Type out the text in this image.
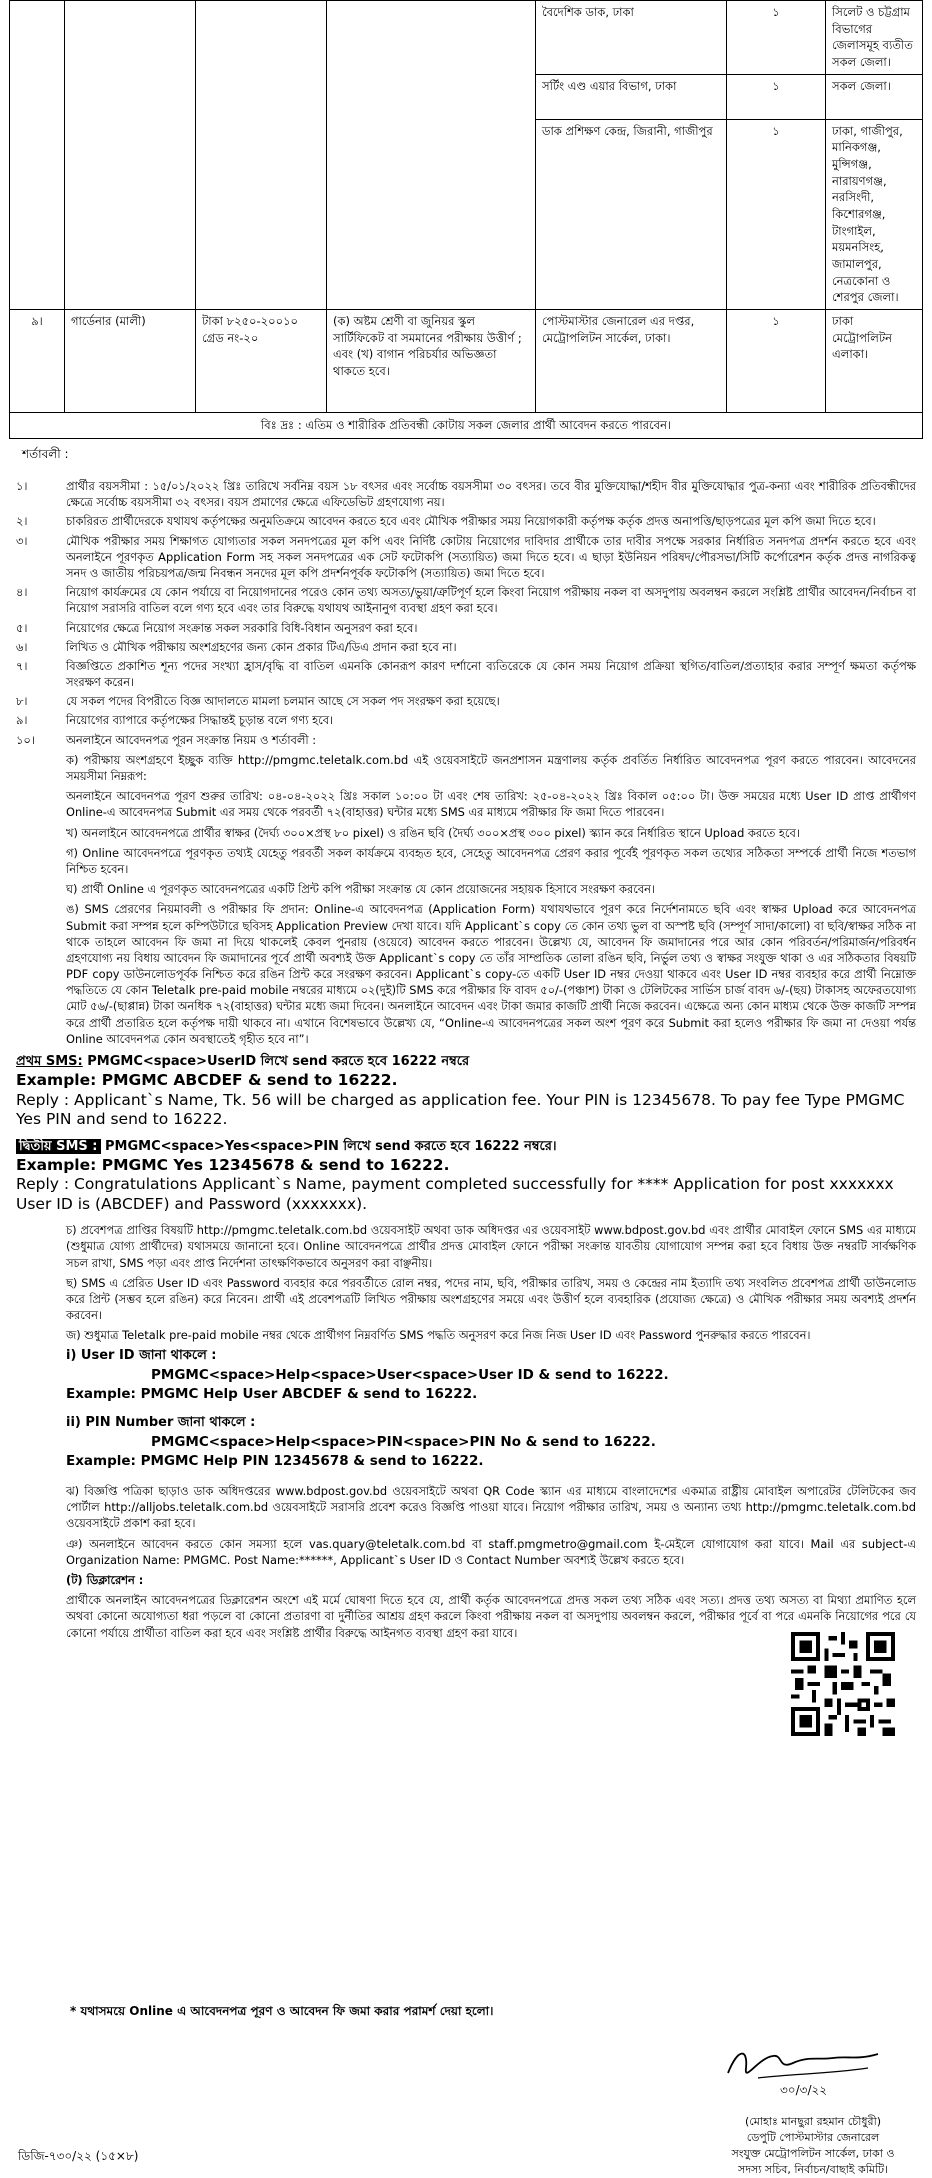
				বৈদেশিক ডাক, ঢাকা	১	সিলেট ও চট্টগ্রাম বিভাগের জেলাসমূহ ব্যতীত সকল জেলা।
				সর্টিং এণ্ড এয়ার বিভাগ, ঢাকা	১	সকল জেলা।
				ডাক প্রশিক্ষণ কেন্দ্র, জিরানী, গাজীপুর	১	ঢাকা, গাজীপুর, মানিকগঞ্জ, মুন্সিগঞ্জ, নারায়ণগঞ্জ, নরসিংদী, কিশোরগঞ্জ, টাংগাইল, ময়মনসিংহ, জামালপুর, নেত্রকোনা ও শেরপুর জেলা।
৯।	গার্ডেনার (মালী)	টাকা ৮২৫০-২০০১০ গ্রেড নং-২০	(ক) অষ্টম শ্রেণী বা জুনিয়র স্কুল সার্টিফিকেট বা সমমানের পরীক্ষায় উত্তীর্ণ ; এবং (খ) বাগান পরিচর্যার অভিজ্ঞতা থাকতে হবে।	পোস্টমাস্টার জেনারেল এর দপ্তর, মেট্রোপলিটন সার্কেল, ঢাকা।	১	ঢাকা মেট্রোপলিটন এলাকা।
বিঃ দ্রঃ : এতিম ও শারীরিক প্রতিবন্ধী কোটায় সকল জেলার প্রার্থী আবেদন করতে পারবেন।						
শর্তাবলী :
১।	প্রার্থীর বয়সসীমা : ১৫/০১/২০২২ খ্রিঃ তারিখে সর্বনিম্ন বয়স ১৮ বৎসর এবং সর্বোচ্চ বয়সসীমা ৩০ বৎসর। তবে বীর মুক্তিযোদ্ধা/শহীদ বীর মুক্তিযোদ্ধার পুত্র-কন্যা এবং শারীরিক প্রতিবন্ধীদের ক্ষেত্রে সর্বোচ্চ বয়সসীমা ৩২ বৎসর। বয়স প্রমাণের ক্ষেত্রে এফিডেভিট গ্রহণযোগ্য নয়।
২।	চাকরিরত প্রার্থীদেরকে যথাযথ কর্তৃপক্ষের অনুমতিক্রমে আবেদন করতে হবে এবং মৌখিক পরীক্ষার সময় নিয়োগকারী কর্তৃপক্ষ কর্তৃক প্রদত্ত অনাপত্তি/ছাড়পত্রের মূল কপি জমা দিতে হবে।
৩।	মৌখিক পরীক্ষার সময় শিক্ষাগত যোগ্যতার সকল সনদপত্রের মূল কপি এবং নির্দিষ্ট কোটায় নিয়োগের দাবিদার প্রার্থীকে তার দাবীর সপক্ষে সরকার নির্ধারিত সনদপত্র প্রদর্শন করতে হবে এবং অনলাইনে পূরণকৃত Application Form সহ সকল সনদপত্রের এক সেট ফটোকপি (সত্যায়িত) জমা দিতে হবে। এ ছাড়া ইউনিয়ন পরিষদ/পৌরসভা/সিটি কর্পোরেশন কর্তৃক প্রদত্ত নাগরিকত্ব সনদ ও জাতীয় পরিচয়পত্র/জন্ম নিবন্ধন সনদের মূল কপি প্রদর্শনপূর্বক ফটোকপি (সত্যায়িত) জমা দিতে হবে।
৪।	নিয়োগ কার্যক্রমের যে কোন পর্যায়ে বা নিয়োগদানের পরেও কোন তথ্য অসত্য/ভুয়া/ত্রুটিপূর্ণ হলে কিংবা নিয়োগ পরীক্ষায় নকল বা অসদুপায় অবলম্বন করলে সংশ্লিষ্ট প্রার্থীর আবেদন/নির্বাচন বা নিয়োগ সরাসরি বাতিল বলে গণ্য হবে এবং তার বিরুদ্ধে যথাযথ আইনানুগ ব্যবস্থা গ্রহণ করা হবে।
৫।	নিয়োগের ক্ষেত্রে নিয়োগ সংক্রান্ত সকল সরকারি বিধি-বিধান অনুসরণ করা হবে।
৬।	লিখিত ও মৌখিক পরীক্ষায় অংশগ্রহণের জন্য কোন প্রকার টিএ/ডিএ প্রদান করা হবে না।
৭।	বিজ্ঞপ্তিতে প্রকাশিত শূন্য পদের সংখ্যা হ্রাস/বৃদ্ধি বা বাতিল এমনকি কোনরূপ কারণ দর্শানো ব্যতিরেকে যে কোন সময় নিয়োগ প্রক্রিয়া স্থগিত/বাতিল/প্রত্যাহার করার সম্পূর্ণ ক্ষমতা কর্তৃপক্ষ সংরক্ষণ করেন।
৮।	যে সকল পদের বিপরীতে বিজ্ঞ আদালতে মামলা চলমান আছে সে সকল পদ সংরক্ষণ করা হয়েছে।
৯।	নিয়োগের ব্যাপারে কর্তৃপক্ষের সিদ্ধান্তই চূড়ান্ত বলে গণ্য হবে।
১০।	অনলাইনে আবেদনপত্র পূরন সংক্রান্ত নিয়ম ও শর্তাবলী :
ক) পরীক্ষায় অংশগ্রহণে ইচ্ছুক ব্যক্তি http://pmgmc.teletalk.com.bd এই ওয়েবসাইটে জনপ্রশাসন মন্ত্রণালয় কর্তৃক প্রবর্তিত নির্ধারিত আবেদনপত্র পূরণ করতে পারবেন। আবেদনের সময়সীমা নিম্নরূপ:
অনলাইনে আবেদনপত্র পূরণ শুরুর তারিখ: ০৪-০৪-২০২২ খ্রিঃ সকাল ১০:০০ টা এবং শেষ তারিখ: ২৫-০৪-২০২২ খ্রিঃ বিকাল ০৫:০০ টা। উক্ত সময়ের মধ্যে User ID প্রাপ্ত প্রার্থীগণ Online-এ আবেদনপত্র Submit এর সময় থেকে পরবর্তী ৭২(বাহাত্তর) ঘন্টার মধ্যে SMS এর মাধ্যমে পরীক্ষার ফি জমা দিতে পারবেন।
খ) অনলাইনে আবেদনপত্রে প্রার্থীর স্বাক্ষর (দৈর্ঘ্য ৩০০×প্রস্থ ৮০ pixel) ও রঙিন ছবি (দৈর্ঘ্য ৩০০×প্রস্থ ৩০০ pixel) স্ক্যান করে নির্ধারিত স্থানে Upload করতে হবে।
গ) Online আবেদনপত্রে পূরণকৃত তথ্যই যেহেতু পরবর্তী সকল কার্যক্রমে ব্যবহৃত হবে, সেহেতু আবেদনপত্র প্রেরণ করার পূর্বেই পূরণকৃত সকল তথ্যের সঠিকতা সম্পর্কে প্রার্থী নিজে শতভাগ নিশ্চিত হবেন।
ঘ) প্রার্থী Online এ পূরণকৃত আবেদনপত্রের একটি প্রিন্ট কপি পরীক্ষা সংক্রান্ত যে কোন প্রয়োজনের সহায়ক হিসাবে সংরক্ষণ করবেন।
ঙ) SMS প্রেরণের নিয়মাবলী ও পরীক্ষার ফি প্রদান: Online-এ আবেদনপত্র (Application Form) যথাযথভাবে পূরণ করে নির্দেশনামতে ছবি এবং স্বাক্ষর Upload করে আবেদনপত্র Submit করা সম্পন্ন হলে কম্পিউটারে ছবিসহ Application Preview দেখা যাবে। যদি Applicant`s copy তে কোন তথ্য ভুল বা অস্পষ্ট ছবি (সম্পূর্ণ সাদা/কালো) বা ছবি/স্বাক্ষর সঠিক না থাকে তাহলে আবেদন ফি জমা না দিয়ে থাকলেই কেবল পুনরায় (ওয়েবে) আবেদন করতে পারবেন। উল্লেখ্য যে, আবেদন ফি জমাদানের পরে আর কোন পরিবর্তন/পরিমার্জন/পরিবর্ধন গ্রহণযোগ্য নয় বিধায় আবেদন ফি জমাদানের পূর্বে প্রার্থী অবশ্যই উক্ত Applicant`s copy তে তাঁর সাম্প্রতিক তোলা রঙিন ছবি, নির্ভুল তথ্য ও স্বাক্ষর সংযুক্ত থাকা ও এর সঠিকতার বিষয়টি PDF copy ডাউনলোডপূর্বক নিশ্চিত করে রঙিন প্রিন্ট করে সংরক্ষণ করবেন। Applicant`s copy-তে একটি User ID নম্বর দেওয়া থাকবে এবং User ID নম্বর ব্যবহার করে প্রার্থী নিম্নোক্ত পদ্ধতিতে যে কোন Teletalk pre-paid mobile নম্বরের মাধ্যমে ০২(দুই)টি SMS করে পরীক্ষার ফি বাবদ ৫০/-(পঞ্চাশ) টাকা ও টেলিটকের সার্ভিস চার্জ বাবদ ৬/-(ছয়) টাকাসহ অফেরতযোগ্য মোট ৫৬/-(ছাপ্পান্ন) টাকা অনধিক ৭২(বাহাত্তর) ঘন্টার মধ্যে জমা দিবেন। অনলাইনে আবেদন এবং টাকা জমার কাজটি প্রার্থী নিজে করবেন। এক্ষেত্রে অন্য কোন মাধ্যম থেকে উক্ত কাজটি সম্পন্ন করে প্রার্থী প্রতারিত হলে কর্তৃপক্ষ দায়ী থাকবে না। এখানে বিশেষভাবে উল্লেখ্য যে, “Online-এ আবেদনপত্রের সকল অংশ পূরণ করে Submit করা হলেও পরীক্ষার ফি জমা না দেওয়া পর্যন্ত Online আবেদনপত্র কোন অবস্থাতেই গৃহীত হবে না”।
প্রথম SMS: PMGMC<space>UserID লিখে send করতে হবে 16222 নম্বরে
Example: PMGMC ABCDEF & send to 16222.
Reply : Applicant`s Name, Tk. 56 will be charged as application fee. Your PIN is 12345678. To pay fee Type PMGMC Yes PIN and send to 16222.
দ্বিতীয় SMS : PMGMC<space>Yes<space>PIN লিখে send করতে হবে 16222 নম্বরে।
Example: PMGMC Yes 12345678 & send to 16222.
Reply : Congratulations Applicant`s Name, payment completed successfully for **** Application for post xxxxxxx User ID is (ABCDEF) and Password (xxxxxxx).
চ) প্রবেশপত্র প্রাপ্তির বিষয়টি http://pmgmc.teletalk.com.bd ওয়েবসাইট অথবা ডাক অধিদপ্তর এর ওয়েবসাইট www.bdpost.gov.bd এবং প্রার্থীর মোবাইল ফোনে SMS এর মাধ্যমে (শুধুমাত্র যোগ্য প্রার্থীদের) যথাসময়ে জানানো হবে। Online আবেদনপত্রে প্রার্থীর প্রদত্ত মোবাইল ফোনে পরীক্ষা সংক্রান্ত যাবতীয় যোগাযোগ সম্পন্ন করা হবে বিধায় উক্ত নম্বরটি সার্বক্ষণিক সচল রাখা, SMS পড়া এবং প্রাপ্ত নির্দেশনা তাৎক্ষণিকভাবে অনুসরণ করা বাঞ্ছনীয়।
ছ) SMS এ প্রেরিত User ID এবং Password ব্যবহার করে পরবর্তীতে রোল নম্বর, পদের নাম, ছবি, পরীক্ষার তারিখ, সময় ও কেন্দ্রের নাম ইত্যাদি তথ্য সংবলিত প্রবেশপত্র প্রার্থী ডাউনলোড করে প্রিন্ট (সম্ভব হলে রঙিন) করে নিবেন। প্রার্থী এই প্রবেশপত্রটি লিখিত পরীক্ষায় অংশগ্রহণের সময়ে এবং উত্তীর্ণ হলে ব্যবহারিক (প্রযোজ্য ক্ষেত্রে) ও মৌখিক পরীক্ষার সময় অবশ্যই প্রদর্শন করবেন।
জ) শুধুমাত্র Teletalk pre-paid mobile নম্বর থেকে প্রার্থীগণ নিম্নবর্ণিত SMS পদ্ধতি অনুসরণ করে নিজ নিজ User ID এবং Password পুনরুদ্ধার করতে পারবেন।
i) User ID জানা থাকলে :
PMGMC<space>Help<space>User<space>User ID & send to 16222.
Example: PMGMC Help User ABCDEF & send to 16222.
ii) PIN Number জানা থাকলে :
PMGMC<space>Help<space>PIN<space>PIN No & send to 16222.
Example: PMGMC Help PIN 12345678 & send to 16222.
ঝ) বিজ্ঞপ্তি পত্রিকা ছাড়াও ডাক অধিদপ্তরের www.bdpost.gov.bd ওয়েবসাইটে অথবা QR Code স্ক্যান এর মাধ্যমে বাংলাদেশের একমাত্র রাষ্ট্রীয় মোবাইল অপারেটর টেলিটকের জব পোর্টাল http://alljobs.teletalk.com.bd ওয়েবসাইটে সরাসরি প্রবেশ করেও বিজ্ঞপ্তি পাওয়া যাবে। নিয়োগ পরীক্ষার তারিখ, সময় ও অন্যান্য তথ্য http://pmgmc.teletalk.com.bd ওয়েবসাইটে প্রকাশ করা হবে।
ঞ) অনলাইনে আবেদন করতে কোন সমস্যা হলে vas.quary@teletalk.com.bd বা staff.pmgmetro@gmail.com ই-মেইলে যোগাযোগ করা যাবে। Mail এর subject-এ Organization Name: PMGMC. Post Name:******, Applicant`s User ID ও Contact Number অবশ্যই উল্লেখ করতে হবে।
(ট) ডিক্লারেশন :
প্রার্থীকে অনলাইন আবেদনপত্রের ডিক্লারেশন অংশে এই মর্মে ঘোষণা দিতে হবে যে, প্রার্থী কর্তৃক আবেদনপত্রে প্রদত্ত সকল তথ্য সঠিক এবং সত্য। প্রদত্ত তথ্য অসত্য বা মিথ্যা প্রমাণিত হলে অথবা কোনো অযোগ্যতা ধরা পড়লে বা কোনো প্রতারণা বা দুর্নীতির আশ্রয় গ্রহণ করলে কিংবা পরীক্ষায় নকল বা অসদুপায় অবলম্বন করলে, পরীক্ষার পূর্বে বা পরে এমনকি নিয়োগের পরে যে কোনো পর্যায়ে প্রার্থীতা বাতিল করা হবে এবং সংশ্লিষ্ট প্রার্থীর বিরুদ্ধে আইনগত ব্যবস্থা গ্রহণ করা যাবে।
* যথাসময়ে Online এ আবেদনপত্র পূরণ ও আবেদন ফি জমা করার পরামর্শ দেয়া হলো।
৩০/৩/২২
(মোহাঃ মানছুরা রহমান চৌধুরী)
ডেপুটি পোস্টমাস্টার জেনারেল
সংযুক্ত মেট্রোপলিটন সার্কেল, ঢাকা ও
সদস্য সচিব, নির্বাচন/বাছাই কমিটি।
ডিজি-৭৩০/২২ (১৫×৮)
